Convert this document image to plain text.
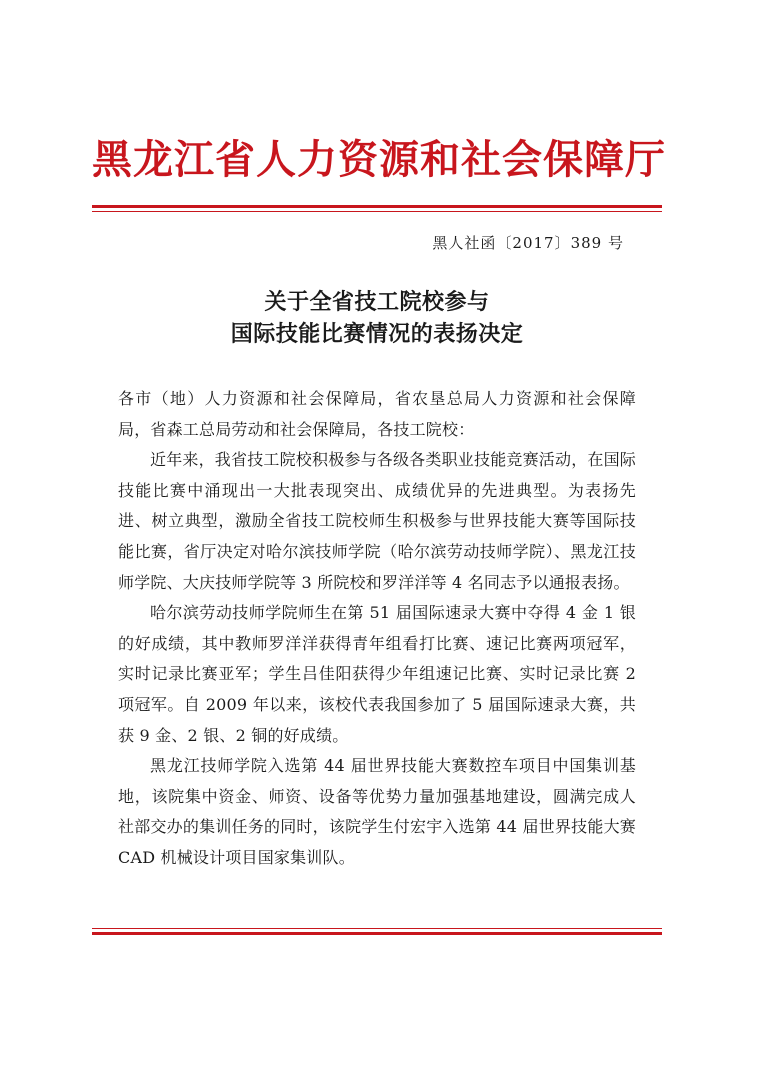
黑龙江省人力资源和社会保障厅
黑人社函〔2017〕389 号
关于全省技工院校参与
国际技能比赛情况的表扬决定

各市（地）人力资源和社会保障局，省农垦总局人力资源和社会保障局，省森工总局劳动和社会保障局，各技工院校：

近年来，我省技工院校积极参与各级各类职业技能竞赛活动，在国际技能比赛中涌现出一大批表现突出、成绩优异的先进典型。为表扬先进、树立典型，激励全省技工院校师生积极参与世界技能大赛等国际技能比赛，省厅决定对哈尔滨技师学院（哈尔滨劳动技师学院）、黑龙江技师学院、大庆技师学院等 3 所院校和罗洋洋等 4 名同志予以通报表扬。

哈尔滨劳动技师学院师生在第 51 届国际速录大赛中夺得 4 金 1 银的好成绩，其中教师罗洋洋获得青年组看打比赛、速记比赛两项冠军，实时记录比赛亚军；学生吕佳阳获得少年组速记比赛、实时记录比赛 2 项冠军。自 2009 年以来，该校代表我国参加了 5 届国际速录大赛，共获 9 金、2 银、2 铜的好成绩。

黑龙江技师学院入选第 44 届世界技能大赛数控车项目中国集训基地，该院集中资金、师资、设备等优势力量加强基地建设，圆满完成人社部交办的集训任务的同时，该院学生付宏宇入选第 44 届世界技能大赛 CAD 机械设计项目国家集训队。
